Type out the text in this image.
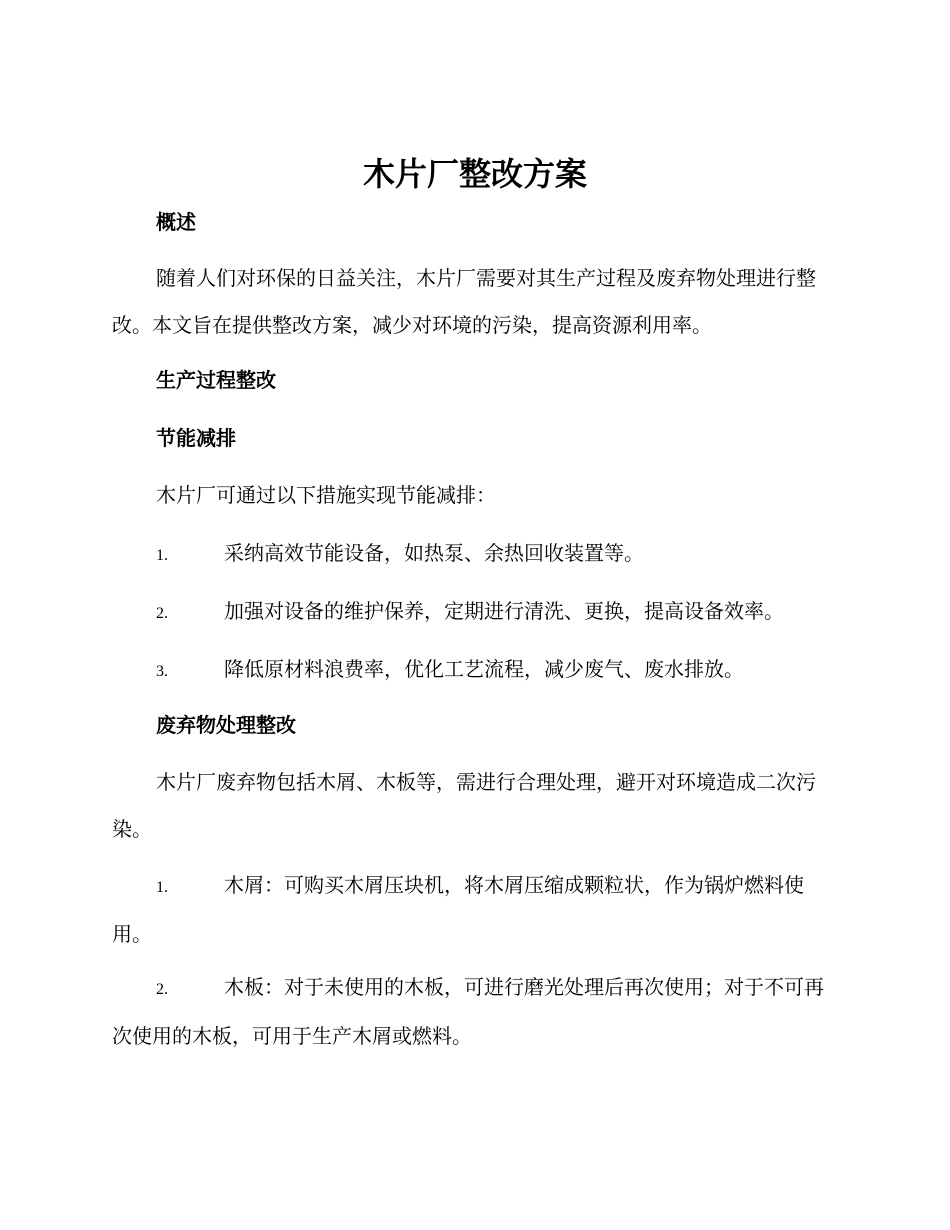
木片厂整改方案
概述

随着人们对环保的日益关注，木片厂需要对其生产过程及废弃物处理进行整改。本文旨在提供整改方案，减少对环境的污染，提高资源利用率。

生产过程整改
节能减排

木片厂可通过以下措施实现节能减排：

1.	采纳高效节能设备，如热泵、余热回收装置等。
2.	加强对设备的维护保养，定期进行清洗、更换，提高设备效率。
3.	降低原材料浪费率，优化工艺流程，减少废气、废水排放。
废弃物处理整改

木片厂废弃物包括木屑、木板等，需进行合理处理，避开对环境造成二次污染。

1.	木屑：可购买木屑压块机，将木屑压缩成颗粒状，作为锅炉燃料使用。
2.	木板：对于未使用的木板，可进行磨光处理后再次使用；对于不可再次使用的木板，可用于生产木屑或燃料。
